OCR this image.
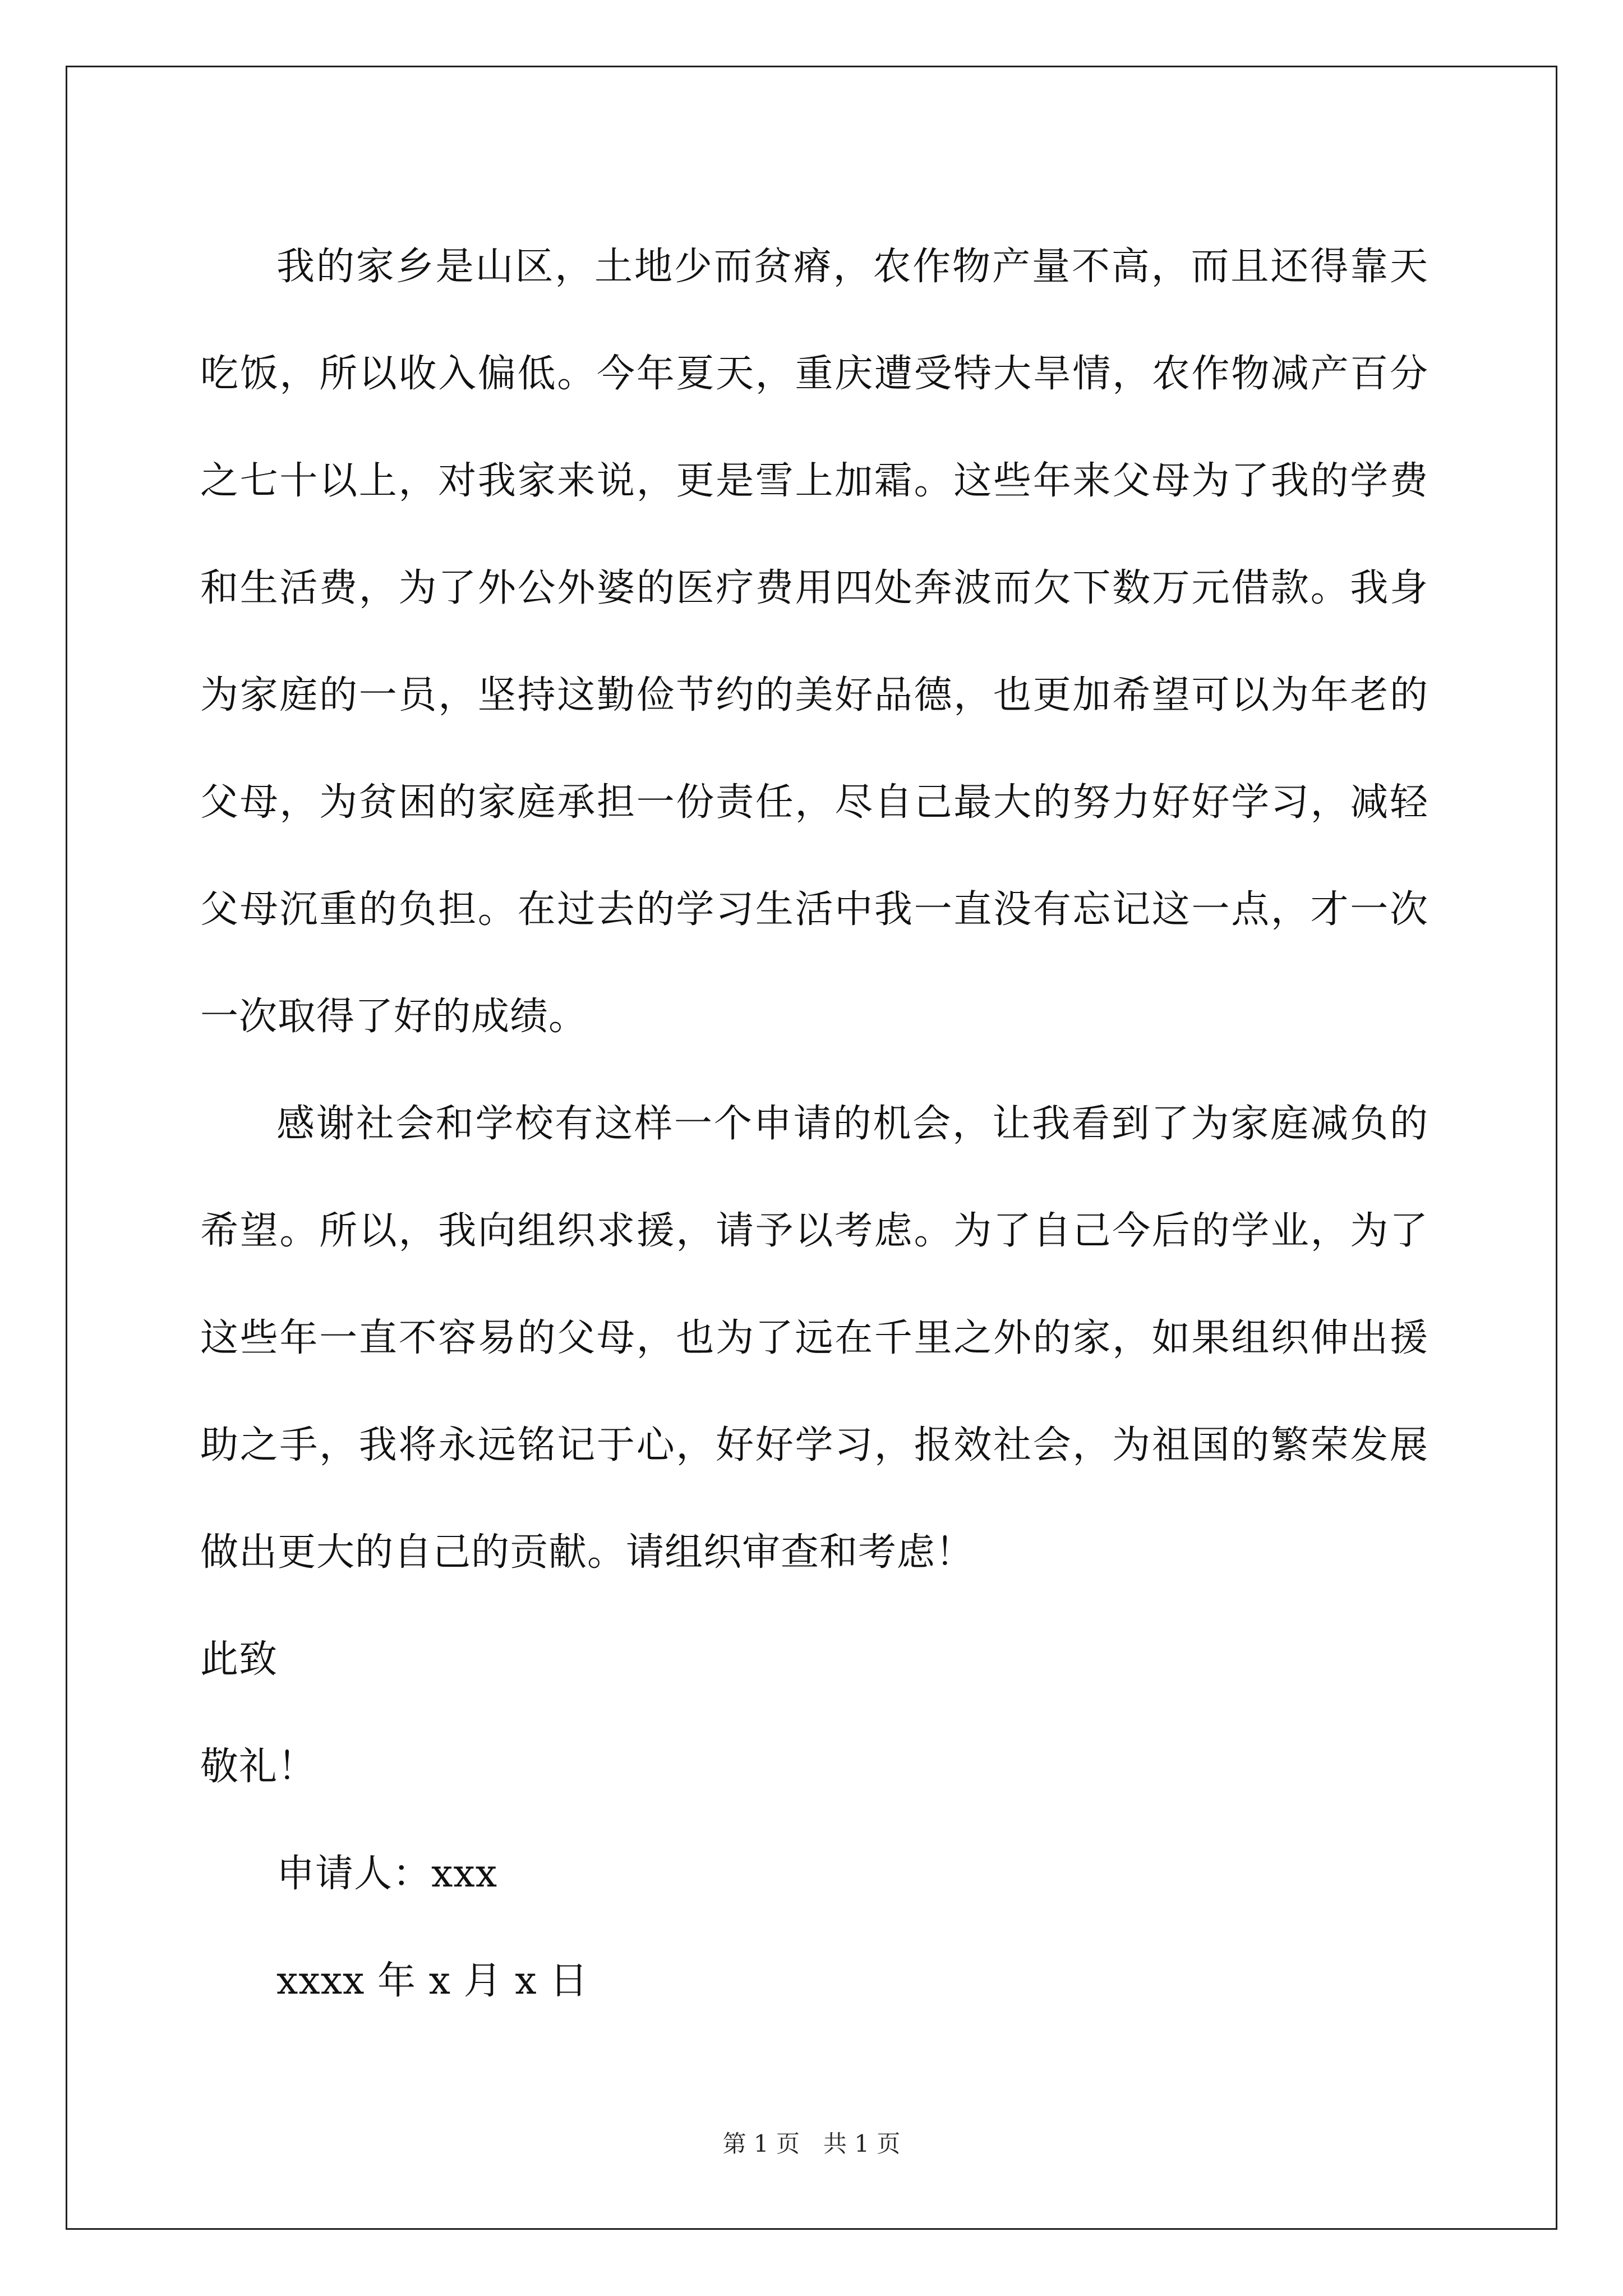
我的家乡是山区，土地少而贫瘠，农作物产量不高，而且还得靠天吃饭，所以收入偏低。今年夏天，重庆遭受特大旱情，农作物减产百分之七十以上，对我家来说，更是雪上加霜。这些年来父母为了我的学费和生活费，为了外公外婆的医疗费用四处奔波而欠下数万元借款。我身为家庭的一员，坚持这勤俭节约的美好品德，也更加希望可以为年老的父母，为贫困的家庭承担一份责任，尽自己最大的努力好好学习，减轻父母沉重的负担。在过去的学习生活中我一直没有忘记这一点，才一次一次取得了好的成绩。

感谢社会和学校有这样一个申请的机会，让我看到了为家庭减负的希望。所以，我向组织求援，请予以考虑。为了自己今后的学业，为了这些年一直不容易的父母，也为了远在千里之外的家，如果组织伸出援助之手，我将永远铭记于心，好好学习，报效社会，为祖国的繁荣发展做出更大的自己的贡献。请组织审查和考虑！

此致

敬礼！

申请人：xxx

xxxx 年 x 月 x 日

第 1 页　共 1 页
